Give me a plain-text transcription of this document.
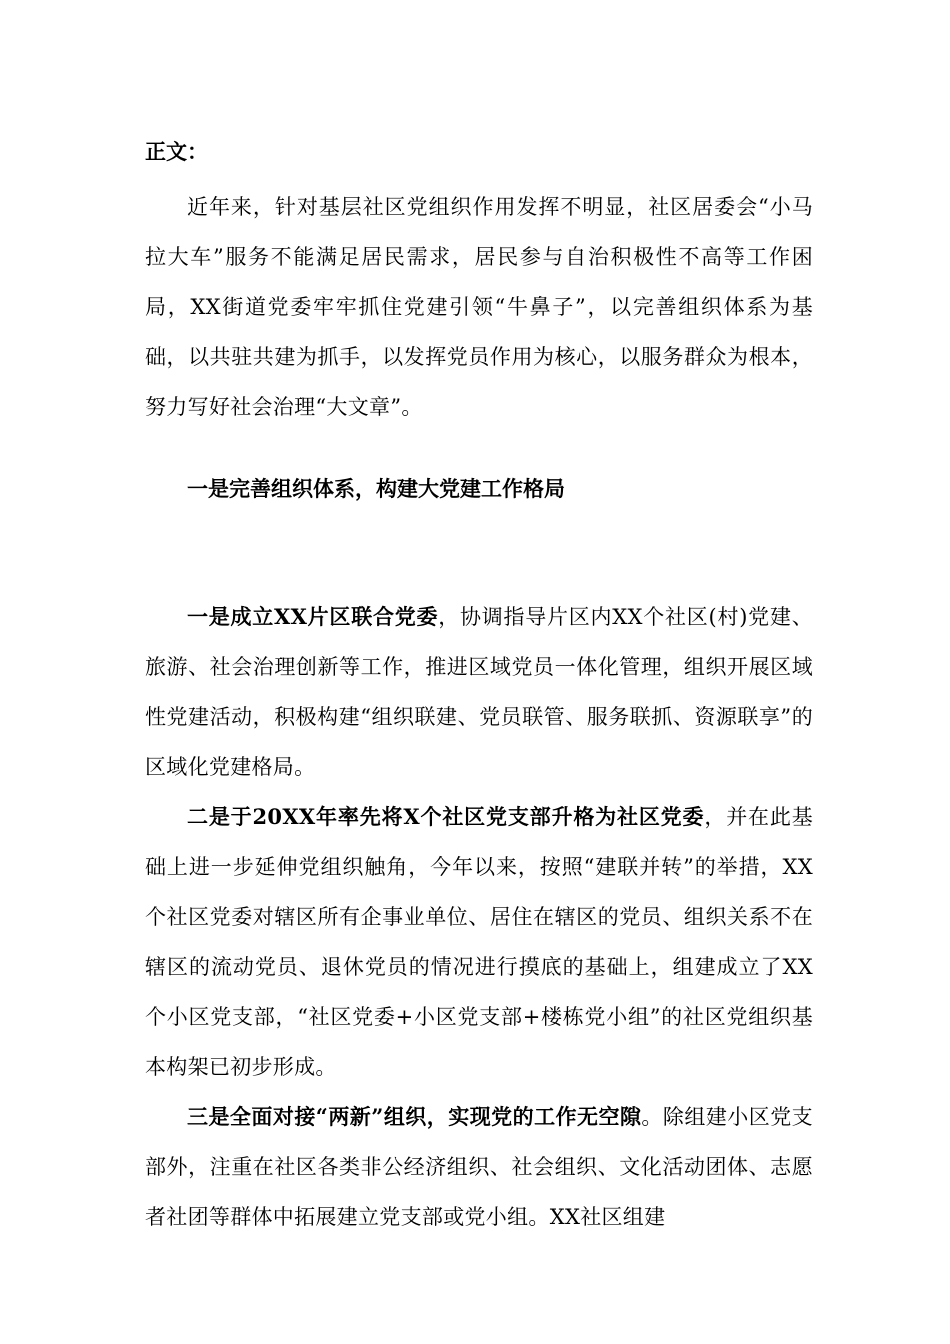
正文：

近年来，针对基层社区党组织作用发挥不明显，社区居委会“小马拉大车”服务不能满足居民需求，居民参与自治积极性不高等工作困局，XX街道党委牢牢抓住党建引领“牛鼻子”，以完善组织体系为基础，以共驻共建为抓手，以发挥党员作用为核心，以服务群众为根本，努力写好社会治理“大文章”。

一是完善组织体系，构建大党建工作格局

一是成立XX片区联合党委，协调指导片区内XX个社区(村)党建、旅游、社会治理创新等工作，推进区域党员一体化管理，组织开展区域性党建活动，积极构建“组织联建、党员联管、服务联抓、资源联享”的区域化党建格局。

二是于20XX年率先将X个社区党支部升格为社区党委，并在此基础上进一步延伸党组织触角，今年以来，按照“建联并转”的举措，XX个社区党委对辖区所有企事业单位、居住在辖区的党员、组织关系不在辖区的流动党员、退休党员的情况进行摸底的基础上，组建成立了XX个小区党支部，“社区党委+小区党支部+楼栋党小组”的社区党组织基本构架已初步形成。

三是全面对接“两新”组织，实现党的工作无空隙。除组建小区党支部外，注重在社区各类非公经济组织、社会组织、文化活动团体、志愿者社团等群体中拓展建立党支部或党小组。XX社区组建
